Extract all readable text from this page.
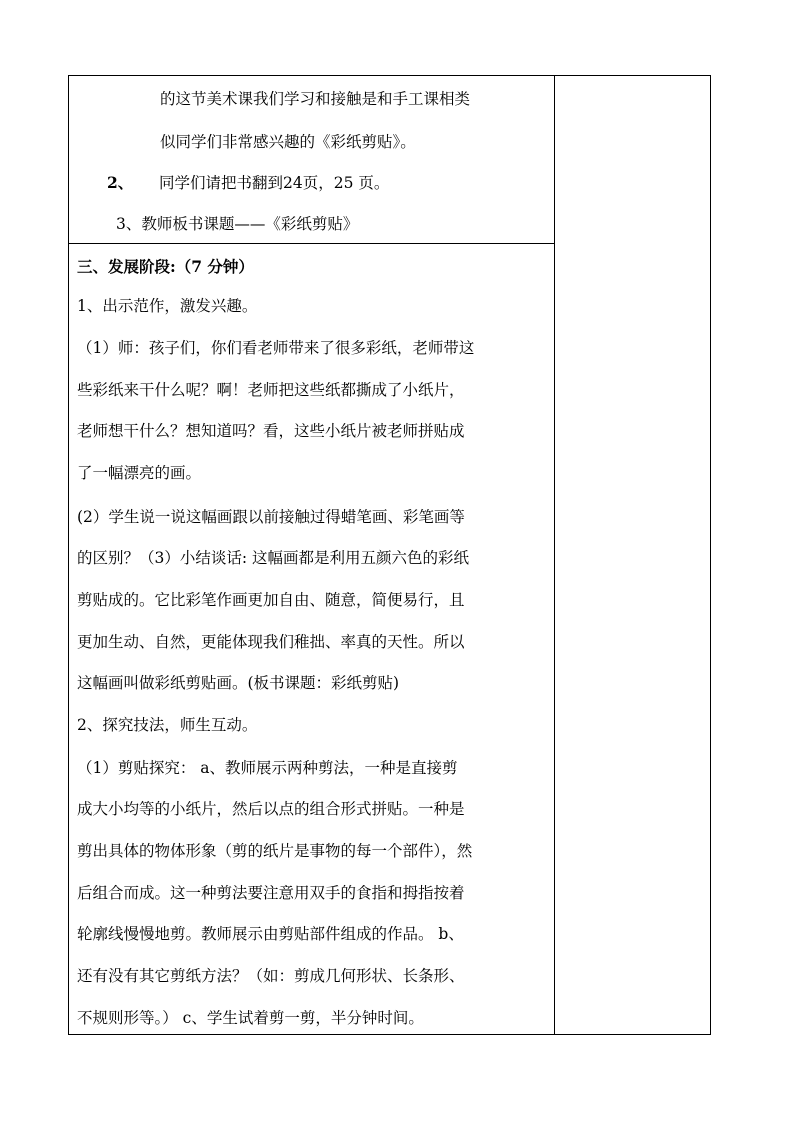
的这节美术课我们学习和接触是和手工课相类
似同学们非常感兴趣的《彩纸剪贴》。
2、 同学们请把书翻到24页，25 页。
3、教师板书课题——《彩纸剪贴》
三、发展阶段:（7 分钟）
1、出示范作，激发兴趣。
（1）师：孩子们，你们看老师带来了很多彩纸，老师带这
些彩纸来干什么呢？啊！老师把这些纸都撕成了小纸片，
老师想干什么？想知道吗？看，这些小纸片被老师拼贴成
了一幅漂亮的画。
(2）学生说一说这幅画跟以前接触过得蜡笔画、彩笔画等
的区别？（3）小结谈话: 这幅画都是利用五颜六色的彩纸
剪贴成的。它比彩笔作画更加自由、随意，简便易行，且
更加生动、自然，更能体现我们稚拙、率真的天性。所以
这幅画叫做彩纸剪贴画。(板书课题：彩纸剪贴)
2、探究技法，师生互动。
（1）剪贴探究： a、教师展示两种剪法，一种是直接剪
成大小均等的小纸片，然后以点的组合形式拼贴。一种是
剪出具体的物体形象（剪的纸片是事物的每一个部件），然
后组合而成。这一种剪法要注意用双手的食指和拇指按着
轮廓线慢慢地剪。教师展示由剪贴部件组成的作品。 b、
还有没有其它剪纸方法？（如：剪成几何形状、长条形、
不规则形等。） c、学生试着剪一剪，半分钟时间。
